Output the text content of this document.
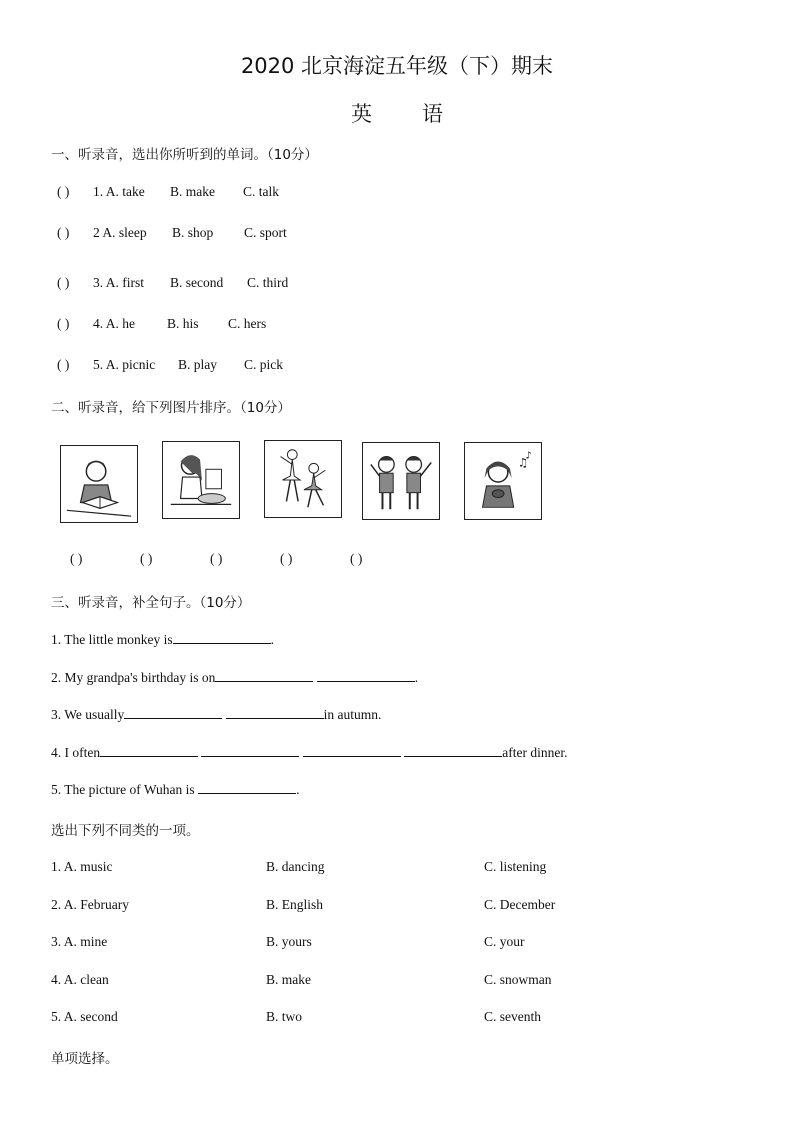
2020 北京海淀五年级（下）期末
英 语
一、听录音，选出你所听到的单词。（10分）
( ) 1. A. take B. make C. talk
( ) 2 A. sleep B. shop C. sport
( ) 3. A. first B. second C. third
( ) 4. A. he B. his C. hers
( ) 5. A. picnic B. play C. pick
二、听录音，给下列图片排序。（10分）
♫
♪
( )	( )	( )	( )	( )
三、听录音，补全句子。（10分）
1. The little monkey is	.
2. My grandpa's birthday is on	.
3. We usually	in autumn.
4. I often	after dinner.
5. The picture of Wuhan is	.
选出下列不同类的一项。
1. A. music	B. dancing	C. listening
2. A. February	B. English	C. December
3. A. mine	B. yours	C. your
4. A. clean	B. make	C. snowman
5. A. second	B. two	C. seventh
单项选择。
